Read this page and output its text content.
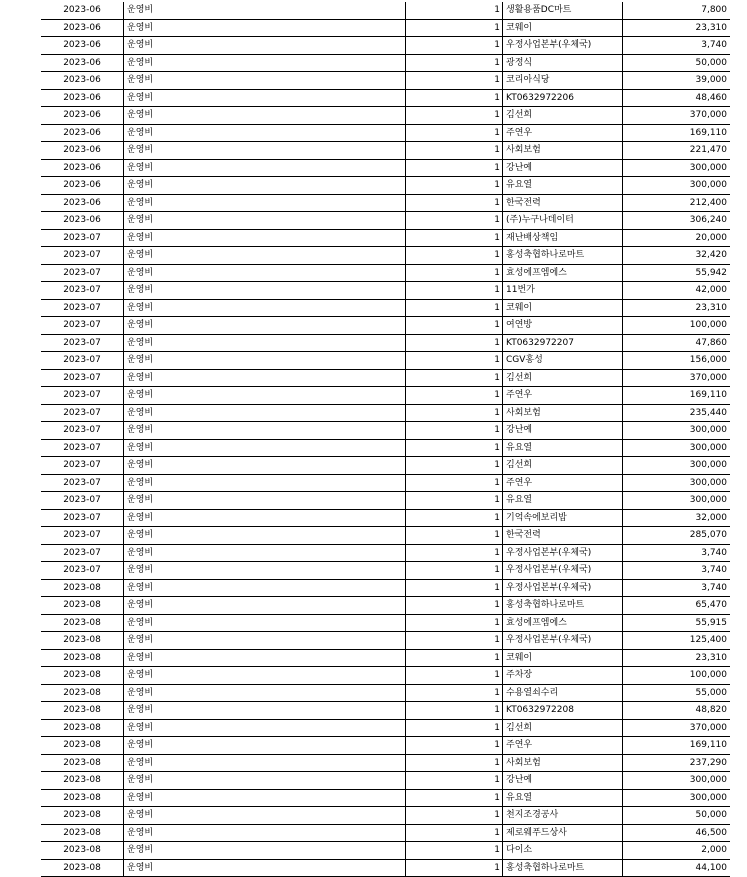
2023-06	운영비	1	생활용품DC마트	7,800
2023-06	운영비	1	코웨이	23,310
2023-06	운영비	1	우정사업본부(우체국)	3,740
2023-06	운영비	1	광정식	50,000
2023-06	운영비	1	코리아식당	39,000
2023-06	운영비	1	KT0632972206	48,460
2023-06	운영비	1	김선희	370,000
2023-06	운영비	1	주연우	169,110
2023-06	운영비	1	사회보험	221,470
2023-06	운영비	1	강난예	300,000
2023-06	운영비	1	유요열	300,000
2023-06	운영비	1	한국전력	212,400
2023-06	운영비	1	(주)누구나데이터	306,240
2023-07	운영비	1	재난배상책임	20,000
2023-07	운영비	1	홍성축협하나로마트	32,420
2023-07	운영비	1	효성에프엠에스	55,942
2023-07	운영비	1	11번가	42,000
2023-07	운영비	1	코웨이	23,310
2023-07	운영비	1	여연방	100,000
2023-07	운영비	1	KT0632972207	47,860
2023-07	운영비	1	CGV홍성	156,000
2023-07	운영비	1	김선희	370,000
2023-07	운영비	1	주연우	169,110
2023-07	운영비	1	사회보험	235,440
2023-07	운영비	1	강난예	300,000
2023-07	운영비	1	유요열	300,000
2023-07	운영비	1	김선희	300,000
2023-07	운영비	1	주연우	300,000
2023-07	운영비	1	유요열	300,000
2023-07	운영비	1	기억속에보리밥	32,000
2023-07	운영비	1	한국전력	285,070
2023-07	운영비	1	우정사업본부(우체국)	3,740
2023-07	운영비	1	우정사업본부(우체국)	3,740
2023-08	운영비	1	우정사업본부(우체국)	3,740
2023-08	운영비	1	홍성축협하나로마트	65,470
2023-08	운영비	1	효성에프엠에스	55,915
2023-08	운영비	1	우정사업본부(우체국)	125,400
2023-08	운영비	1	코웨이	23,310
2023-08	운영비	1	주차장	100,000
2023-08	운영비	1	수용열쇠수리	55,000
2023-08	운영비	1	KT0632972208	48,820
2023-08	운영비	1	김선희	370,000
2023-08	운영비	1	주연우	169,110
2023-08	운영비	1	사회보험	237,290
2023-08	운영비	1	강난예	300,000
2023-08	운영비	1	유요열	300,000
2023-08	운영비	1	천지조경공사	50,000
2023-08	운영비	1	제로웨푸드상사	46,500
2023-08	운영비	1	다이소	2,000
2023-08	운영비	1	홍성축협하나로마트	44,100
